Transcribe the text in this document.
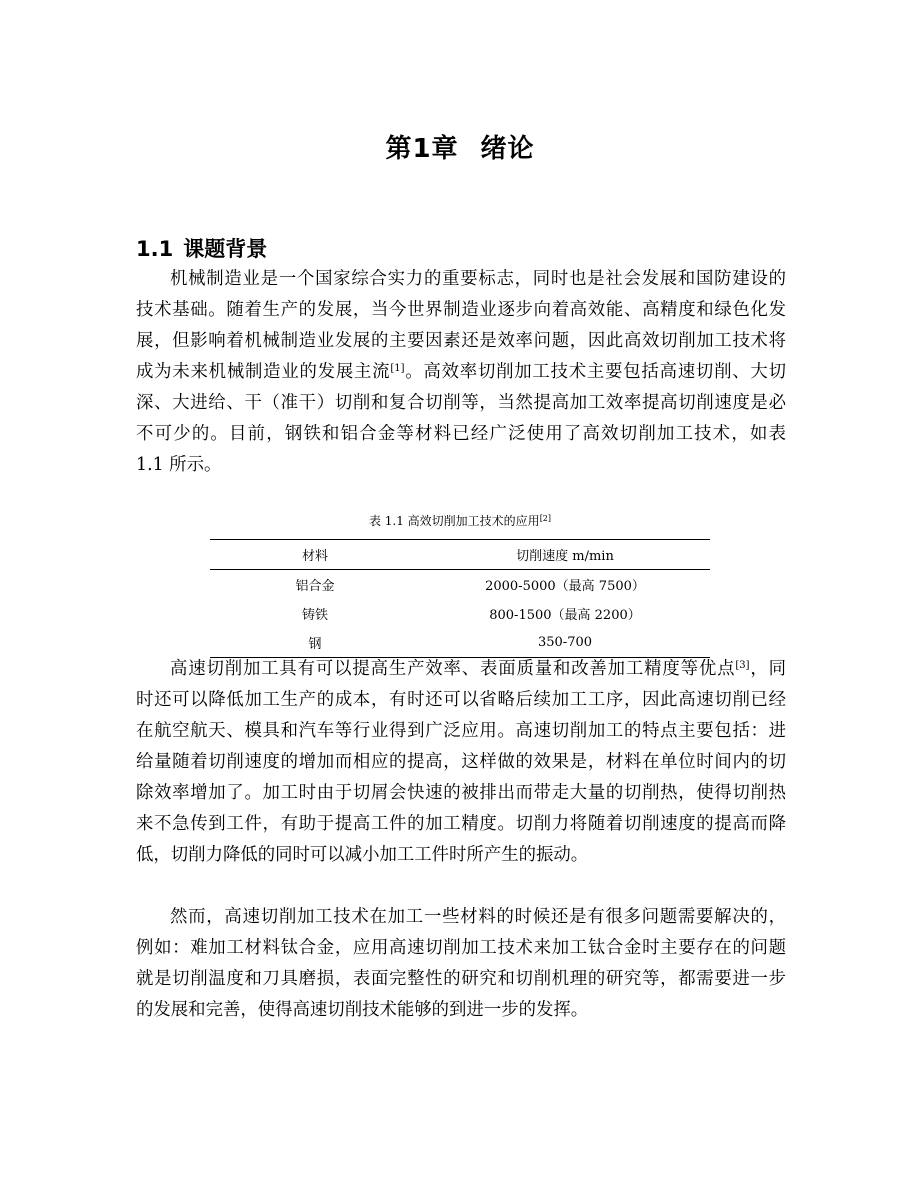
第1章 绪论
1.1 课题背景
机械制造业是一个国家综合实力的重要标志，同时也是社会发展和国防建设的
技术基础。随着生产的发展，当今世界制造业逐步向着高效能、高精度和绿色化发
展，但影响着机械制造业发展的主要因素还是效率问题，因此高效切削加工技术将
成为未来机械制造业的发展主流[1]。高效率切削加工技术主要包括高速切削、大切
深、大进给、干（准干）切削和复合切削等，当然提高加工效率提高切削速度是必
不可少的。目前，钢铁和铝合金等材料已经广泛使用了高效切削加工技术，如表
1.1 所示。
表 1.1 高效切削加工技术的应用[2]
材料	切削速度 m/min
铝合金	2000-5000（最高 7500）
铸铁	800-1500（最高 2200）
钢	350-700
高速切削加工具有可以提高生产效率、表面质量和改善加工精度等优点[3]，同
时还可以降低加工生产的成本，有时还可以省略后续加工工序，因此高速切削已经
在航空航天、模具和汽车等行业得到广泛应用。高速切削加工的特点主要包括：进
给量随着切削速度的增加而相应的提高，这样做的效果是，材料在单位时间内的切
除效率增加了。加工时由于切屑会快速的被排出而带走大量的切削热，使得切削热
来不急传到工件，有助于提高工件的加工精度。切削力将随着切削速度的提高而降
低，切削力降低的同时可以减小加工工件时所产生的振动。
然而，高速切削加工技术在加工一些材料的时候还是有很多问题需要解决的，
例如：难加工材料钛合金，应用高速切削加工技术来加工钛合金时主要存在的问题
就是切削温度和刀具磨损，表面完整性的研究和切削机理的研究等，都需要进一步
的发展和完善，使得高速切削技术能够的到进一步的发挥。
